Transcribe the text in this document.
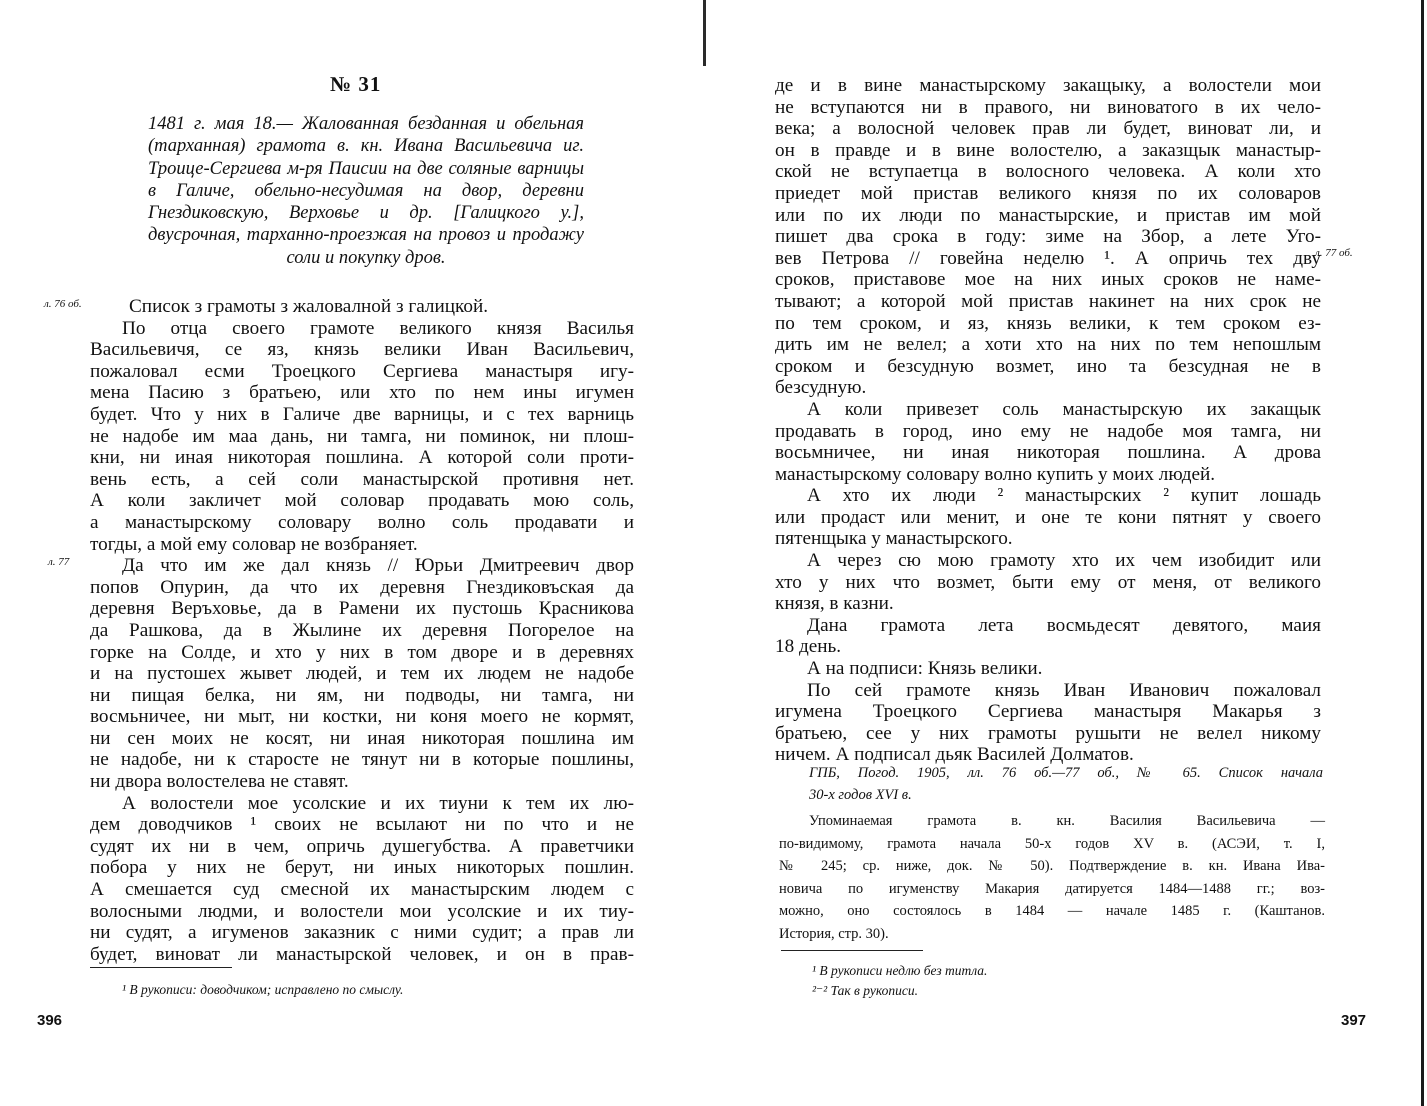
№ 31

1481 г. мая 18.— Жалованная безданная и обельная (тарханная) грамота в. кн. Ивана Васильевича иг. Троице-Сергиева м-ря Паисии на две соляные варницы в Галиче, обельно-несудимая на двор, деревни Гнездиковскую, Верховье и др. [Галицкого у.], двусрочная, тарханно-проезжая на провоз и продажу соли и покупку дров.

л. 76 об.
л. 77
Список з грамоты з жаловалной з галицкой.
По отца своего грамоте великого князя Василья
Васильевичя, се яз, князь велики Иван Васильевич,
пожаловал есми Троецкого Сергиева манастыря игу-
мена Пасию з братьею, или хто по нем ины игумен
будет. Что у них в Галиче две варницы, и с тех варниць
не надобе им маа дань, ни тамга, ни поминок, ни плош-
кни, ни иная никоторая пошлина. А которой соли проти-
вень есть, а сей соли манастырской противня нет.
А коли закличет мой соловар продавать мою соль,
а манастырскому соловару волно соль продавати и
тогды, а мой ему соловар не возбраняет.
Да что им же дал князь // Юрьи Дмитреевич двор
попов Опурин, да что их деревня Гнездиковъская да
деревня Веръховье, да в Рамени их пустошь Красникова
да Рашкова, да в Жылине их деревня Погорелое на
горке на Солде, и хто у них в том дворе и в деревнях
и на пустошех жывет людей, и тем их людем не надобе
ни пищая белка, ни ям, ни подводы, ни тамга, ни
восмьничее, ни мыт, ни костки, ни коня моего не кормят,
ни сен моих не косят, ни иная никоторая пошлина им
не надобе, ни к старосте не тянут ни в которые пошлины,
ни двора волостелева не ставят.
А волостели мое усолские и их тиуни к тем их лю-
дем доводчиков ¹ своих не всылают ни по что и не
судят их ни в чем, опричь душегубства. А праветчики
побора у них не берут, ни иных никоторых пошлин.
А смешается суд смесной их манастырским людем с
волосными людми, и волостели мои усолские и их тиу-
ни судят, а игуменов заказник с ними судит; а прав ли
будет, виноват ли манастырской человек, и он в прав-

¹ В рукописи: доводчиком; исправлено по смыслу.

396
л. 77 об.
де и в вине манастырскому закащыку, а волостели мои
не вступаются ни в правого, ни виноватого в их чело-
века; а волосной человек прав ли будет, виноват ли, и
он в правде и в вине волостелю, а заказщык манастыр-
ской не вступаетца в волосного человека. А коли хто
приедет мой пристав великого князя по их соловаров
или по их люди по манастырские, и пристав им мой
пишет два срока в году: зиме на Збор, а лете Уго-
вев Петрова // говейна неделю ¹. А опричь тех дву
сроков, приставове мое на них иных сроков не наме-
тывают; а которой мой пристав накинет на них срок не
по тем сроком, и яз, князь велики, к тем сроком ез-
дить им не велел; а хоти хто на них по тем непошлым
сроком и безсудную возмет, ино та безсудная не в
безсудную.
А коли привезет соль манастырскую их закащык
продавать в город, ино ему не надобе моя тамга, ни
восьмничее, ни иная никоторая пошлина. А дрова
манастырскому соловару волно купить у моих людей.
А хто их люди ² манастырских ² купит лошадь
или продаст или менит, и оне те кони пятнят у своего
пятенщыка у манастырского.
А через сю мою грамоту хто их чем изобидит или
хто у них что возмет, быти ему от меня, от великого
князя, в казни.
Дана грамота лета восмьдесят девятого, маия
18 день.
А на подписи: Князь велики.
По сей грамоте князь Иван Иванович пожаловал
игумена Троецкого Сергиева манастыря Макарья з
братьею, сее у них грамоты рушыти не велел никому
ничем. А подписал дьяк Василей Долматов.
ГПБ, Погод. 1905, лл. 76 об.—77 об., № 65. Список начала
30-х годов XVI в.
Упоминаемая грамота в. кн. Василия Васильевича —
по-видимому, грамота начала 50-х годов XV в. (АСЭИ, т. I,
№ 245; ср. ниже, док. № 50). Подтверждение в. кн. Ивана Ива-
новича по игуменству Макария датируется 1484—1488 гг.; воз-
можно, оно состоялось в 1484 — начале 1485 г. (Каштанов.
История, стр. 30).

¹ В рукописи недлю без титла.

²⁻² Так в рукописи.

397
